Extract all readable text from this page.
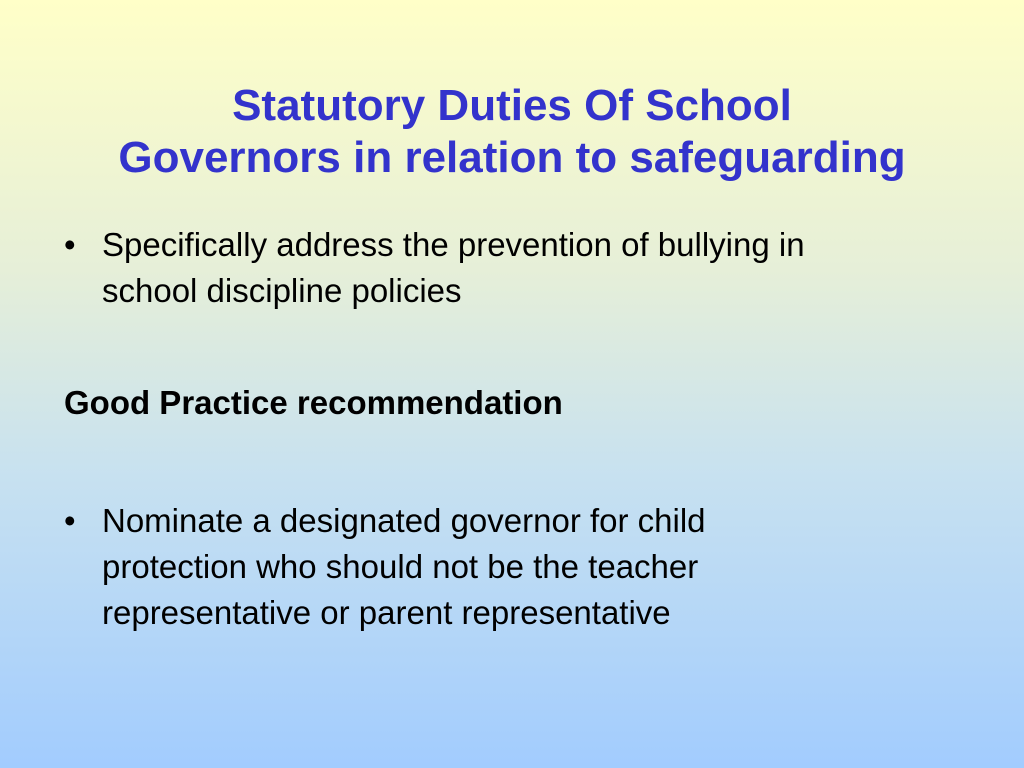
Statutory Duties Of School
Governors in relation to safeguarding
• Specifically address the prevention of bullying in
school discipline policies

Good Practice recommendation

• Nominate a designated governor for child
protection who should not be the teacher
representative or parent representative
